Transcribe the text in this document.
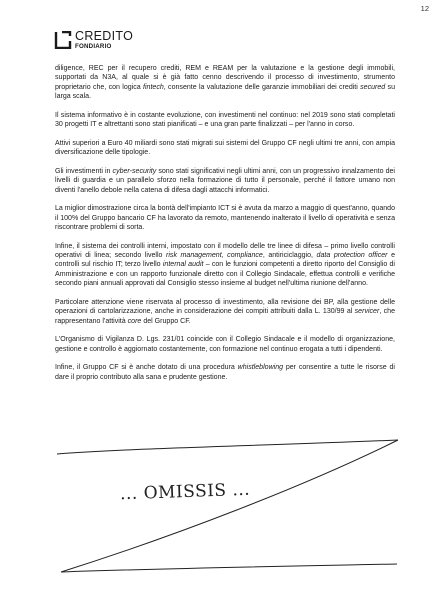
12
CREDITO
FONDIARIO

diligence, REC per il recupero crediti, REM e REAM per la valutazione e la gestione degli immobili, supportati da N3A, al quale si è già fatto cenno descrivendo il processo di investimento, strumento proprietario che, con logica fintech, consente la valutazione delle garanzie immobiliari dei crediti secured su larga scala.

Il sistema informativo è in costante evoluzione, con investimenti nel continuo: nel 2019 sono stati completati 30 progetti IT e altrettanti sono stati pianificati – e una gran parte finalizzati – per l'anno in corso.

Attivi superiori a Euro 40 miliardi sono stati migrati sui sistemi del Gruppo CF negli ultimi tre anni, con ampia diversificazione delle tipologie.

Gli investimenti in cyber-security sono stati significativi negli ultimi anni, con un progressivo innalzamento dei livelli di guardia e un parallelo sforzo nella formazione di tutto il personale, perché il fattore umano non diventi l'anello debole nella catena di difesa dagli attacchi informatici.

La miglior dimostrazione circa la bontà dell'impianto ICT si è avuta da marzo a maggio di quest'anno, quando il 100% del Gruppo bancario CF ha lavorato da remoto, mantenendo inalterato il livello di operatività e senza riscontrare problemi di sorta.

Infine, il sistema dei controlli interni, impostato con il modello delle tre linee di difesa – primo livello controlli operativi di linea; secondo livello risk management, compliance, antiriciclaggio, data protection officer e controlli sul rischio IT; terzo livello internal audit – con le funzioni competenti a diretto riporto del Consiglio di Amministrazione e con un rapporto funzionale diretto con il Collegio Sindacale, effettua controlli e verifiche secondo piani annuali approvati dal Consiglio stesso insieme al budget nell'ultima riunione dell'anno.

Particolare attenzione viene riservata al processo di investimento, alla revisione dei BP, alla gestione delle operazioni di cartolarizzazione, anche in considerazione dei compiti attribuiti dalla L. 130/99 al servicer, che rappresentano l'attività core del Gruppo CF.

L'Organismo di Vigilanza D. Lgs. 231/01 coincide con il Collegio Sindacale e il modello di organizzazione, gestione e controllo è aggiornato costantemente, con formazione nel continuo erogata a tutti i dipendenti.

Infine, il Gruppo CF si è anche dotato di una procedura whistleblowing per consentire a tutte le risorse di dare il proprio contributo alla sana e prudente gestione.

... OMISSIS ...
